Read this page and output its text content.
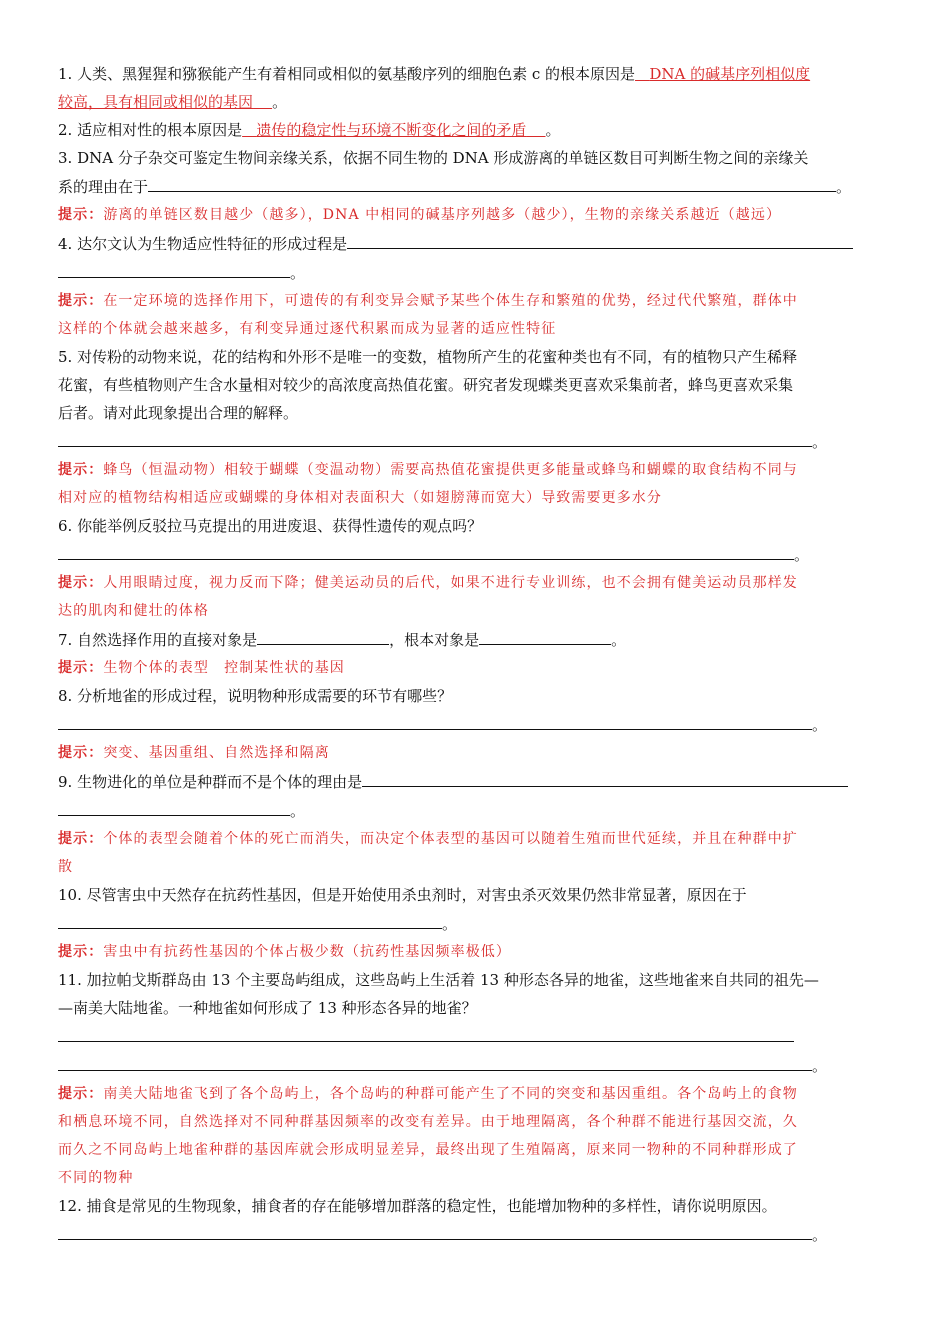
1. 人类、黑猩猩和猕猴能产生有着相同或相似的氨基酸序列的细胞色素 c 的根本原因是 DNA 的碱基序列相似度
较高，具有相同或相似的基因 。
2. 适应相对性的根本原因是 遗传的稳定性与环境不断变化之间的矛盾 。
3. DNA 分子杂交可鉴定生物间亲缘关系，依据不同生物的 DNA 形成游离的单链区数目可判断生物之间的亲缘关
系的理由在于	。
提示：游离的单链区数目越少（越多），DNA 中相同的碱基序列越多（越少），生物的亲缘关系越近（越远）
4. 达尔文认为生物适应性特征的形成过程是
。
提示：在一定环境的选择作用下，可遗传的有利变异会赋予某些个体生存和繁殖的优势，经过代代繁殖，群体中
这样的个体就会越来越多，有利变异通过逐代积累而成为显著的适应性特征
5. 对传粉的动物来说，花的结构和外形不是唯一的变数，植物所产生的花蜜种类也有不同，有的植物只产生稀释
花蜜，有些植物则产生含水量相对较少的高浓度高热值花蜜。研究者发现蝶类更喜欢采集前者，蜂鸟更喜欢采集
后者。请对此现象提出合理的解释。
。
提示：蜂鸟（恒温动物）相较于蝴蝶（变温动物）需要高热值花蜜提供更多能量或蜂鸟和蝴蝶的取食结构不同与
相对应的植物结构相适应或蝴蝶的身体相对表面积大（如翅膀薄而宽大）导致需要更多水分
6. 你能举例反驳拉马克提出的用进废退、获得性遗传的观点吗？
。
提示：人用眼睛过度，视力反而下降；健美运动员的后代，如果不进行专业训练，也不会拥有健美运动员那样发
达的肌肉和健壮的体格
7. 自然选择作用的直接对象是	，根本对象是	。
提示：生物个体的表型　控制某性状的基因
8. 分析地雀的形成过程，说明物种形成需要的环节有哪些？
。
提示：突变、基因重组、自然选择和隔离
9. 生物进化的单位是种群而不是个体的理由是
。
提示：个体的表型会随着个体的死亡而消失，而决定个体表型的基因可以随着生殖而世代延续，并且在种群中扩
散
10. 尽管害虫中天然存在抗药性基因，但是开始使用杀虫剂时，对害虫杀灭效果仍然非常显著，原因在于
。
提示：害虫中有抗药性基因的个体占极少数（抗药性基因频率极低）
11. 加拉帕戈斯群岛由 13 个主要岛屿组成，这些岛屿上生活着 13 种形态各异的地雀，这些地雀来自共同的祖先—
—南美大陆地雀。一种地雀如何形成了 13 种形态各异的地雀？
。
提示：南美大陆地雀飞到了各个岛屿上，各个岛屿的种群可能产生了不同的突变和基因重组。各个岛屿上的食物
和栖息环境不同，自然选择对不同种群基因频率的改变有差异。由于地理隔离，各个种群不能进行基因交流，久
而久之不同岛屿上地雀种群的基因库就会形成明显差异，最终出现了生殖隔离，原来同一物种的不同种群形成了
不同的物种
12. 捕食是常见的生物现象，捕食者的存在能够增加群落的稳定性，也能增加物种的多样性，请你说明原因。
。
